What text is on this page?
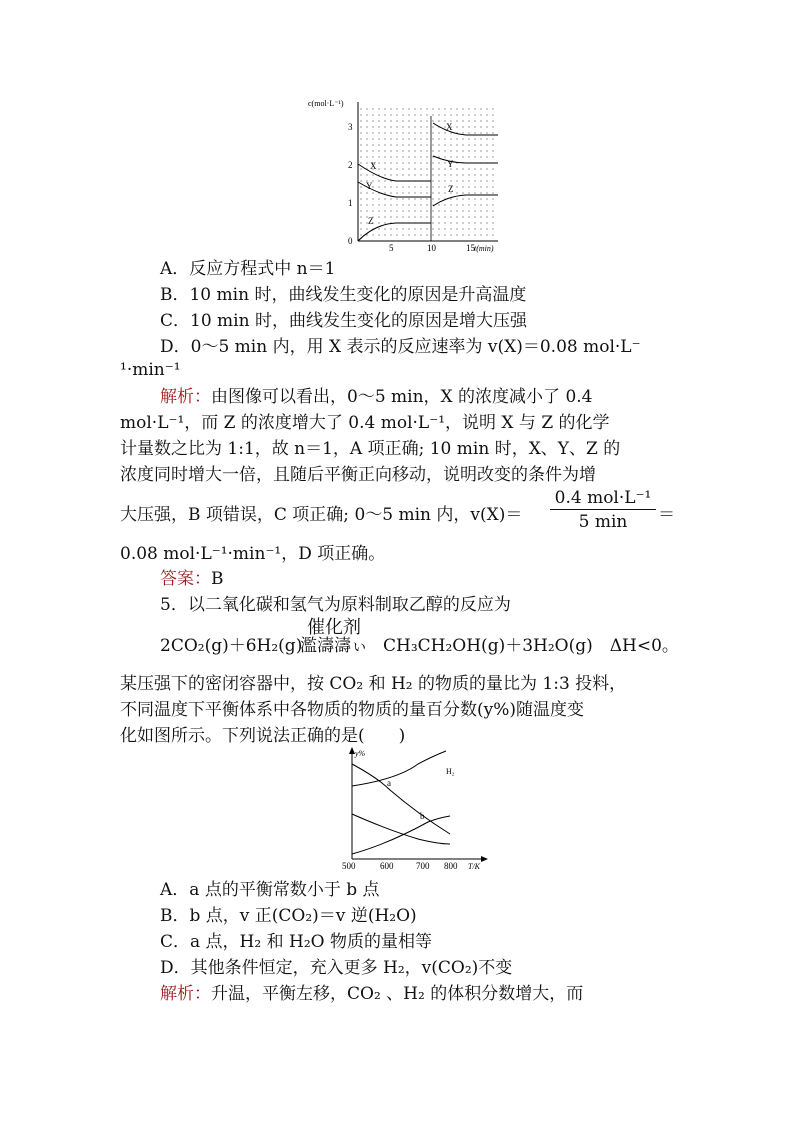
c(mol·L⁻¹)
0
1
2
3
5	10	15 t(min)
X
Y
Z
X
Y
Z
A．反应方程式中 n＝1
B．10 min 时，曲线发生变化的原因是升高温度
C．10 min 时，曲线发生变化的原因是增大压强
D．0～5 min 内，用 X 表示的反应速率为 v(X)＝0.08 mol·L⁻
¹·min⁻¹
解析：由图像可以看出，0～5 min，X 的浓度减小了 0.4
mol·L⁻¹，而 Z 的浓度增大了 0.4 mol·L⁻¹，说明 X 与 Z 的化学
计量数之比为 1:1，故 n＝1，A 项正确; 10 min 时，X、Y、Z 的
浓度同时增大一倍，且随后平衡正向移动，说明改变的条件为增
大压强，B 项错误，C 项正确; 0～5 min 内，v(X)＝
0.4 mol·L⁻¹
5 min	＝
0.08 mol·L⁻¹·min⁻¹，D 项正确。
答案：B
5．以二氧化碳和氢气为原料制取乙醇的反应为
2CO₂(g)＋6H₂(g)
催化剂
濫濤濤ぃ CH₃CH₂OH(g)＋3H₂O(g)　ΔH<0。
某压强下的密闭容器中，按 CO₂ 和 H₂ 的物质的量比为 1:3 投料，
不同温度下平衡体系中各物质的物质的量百分数(y%)随温度变
化如图所示。下列说法正确的是(　　)
y%
500	600	700 800 T/K
H₂
a
b
A．a 点的平衡常数小于 b 点
B．b 点，v 正(CO₂)＝v 逆(H₂O)
C．a 点，H₂ 和 H₂O 物质的量相等
D．其他条件恒定，充入更多 H₂，v(CO₂)不变
解析：升温，平衡左移，CO₂ 、H₂ 的体积分数增大，而
